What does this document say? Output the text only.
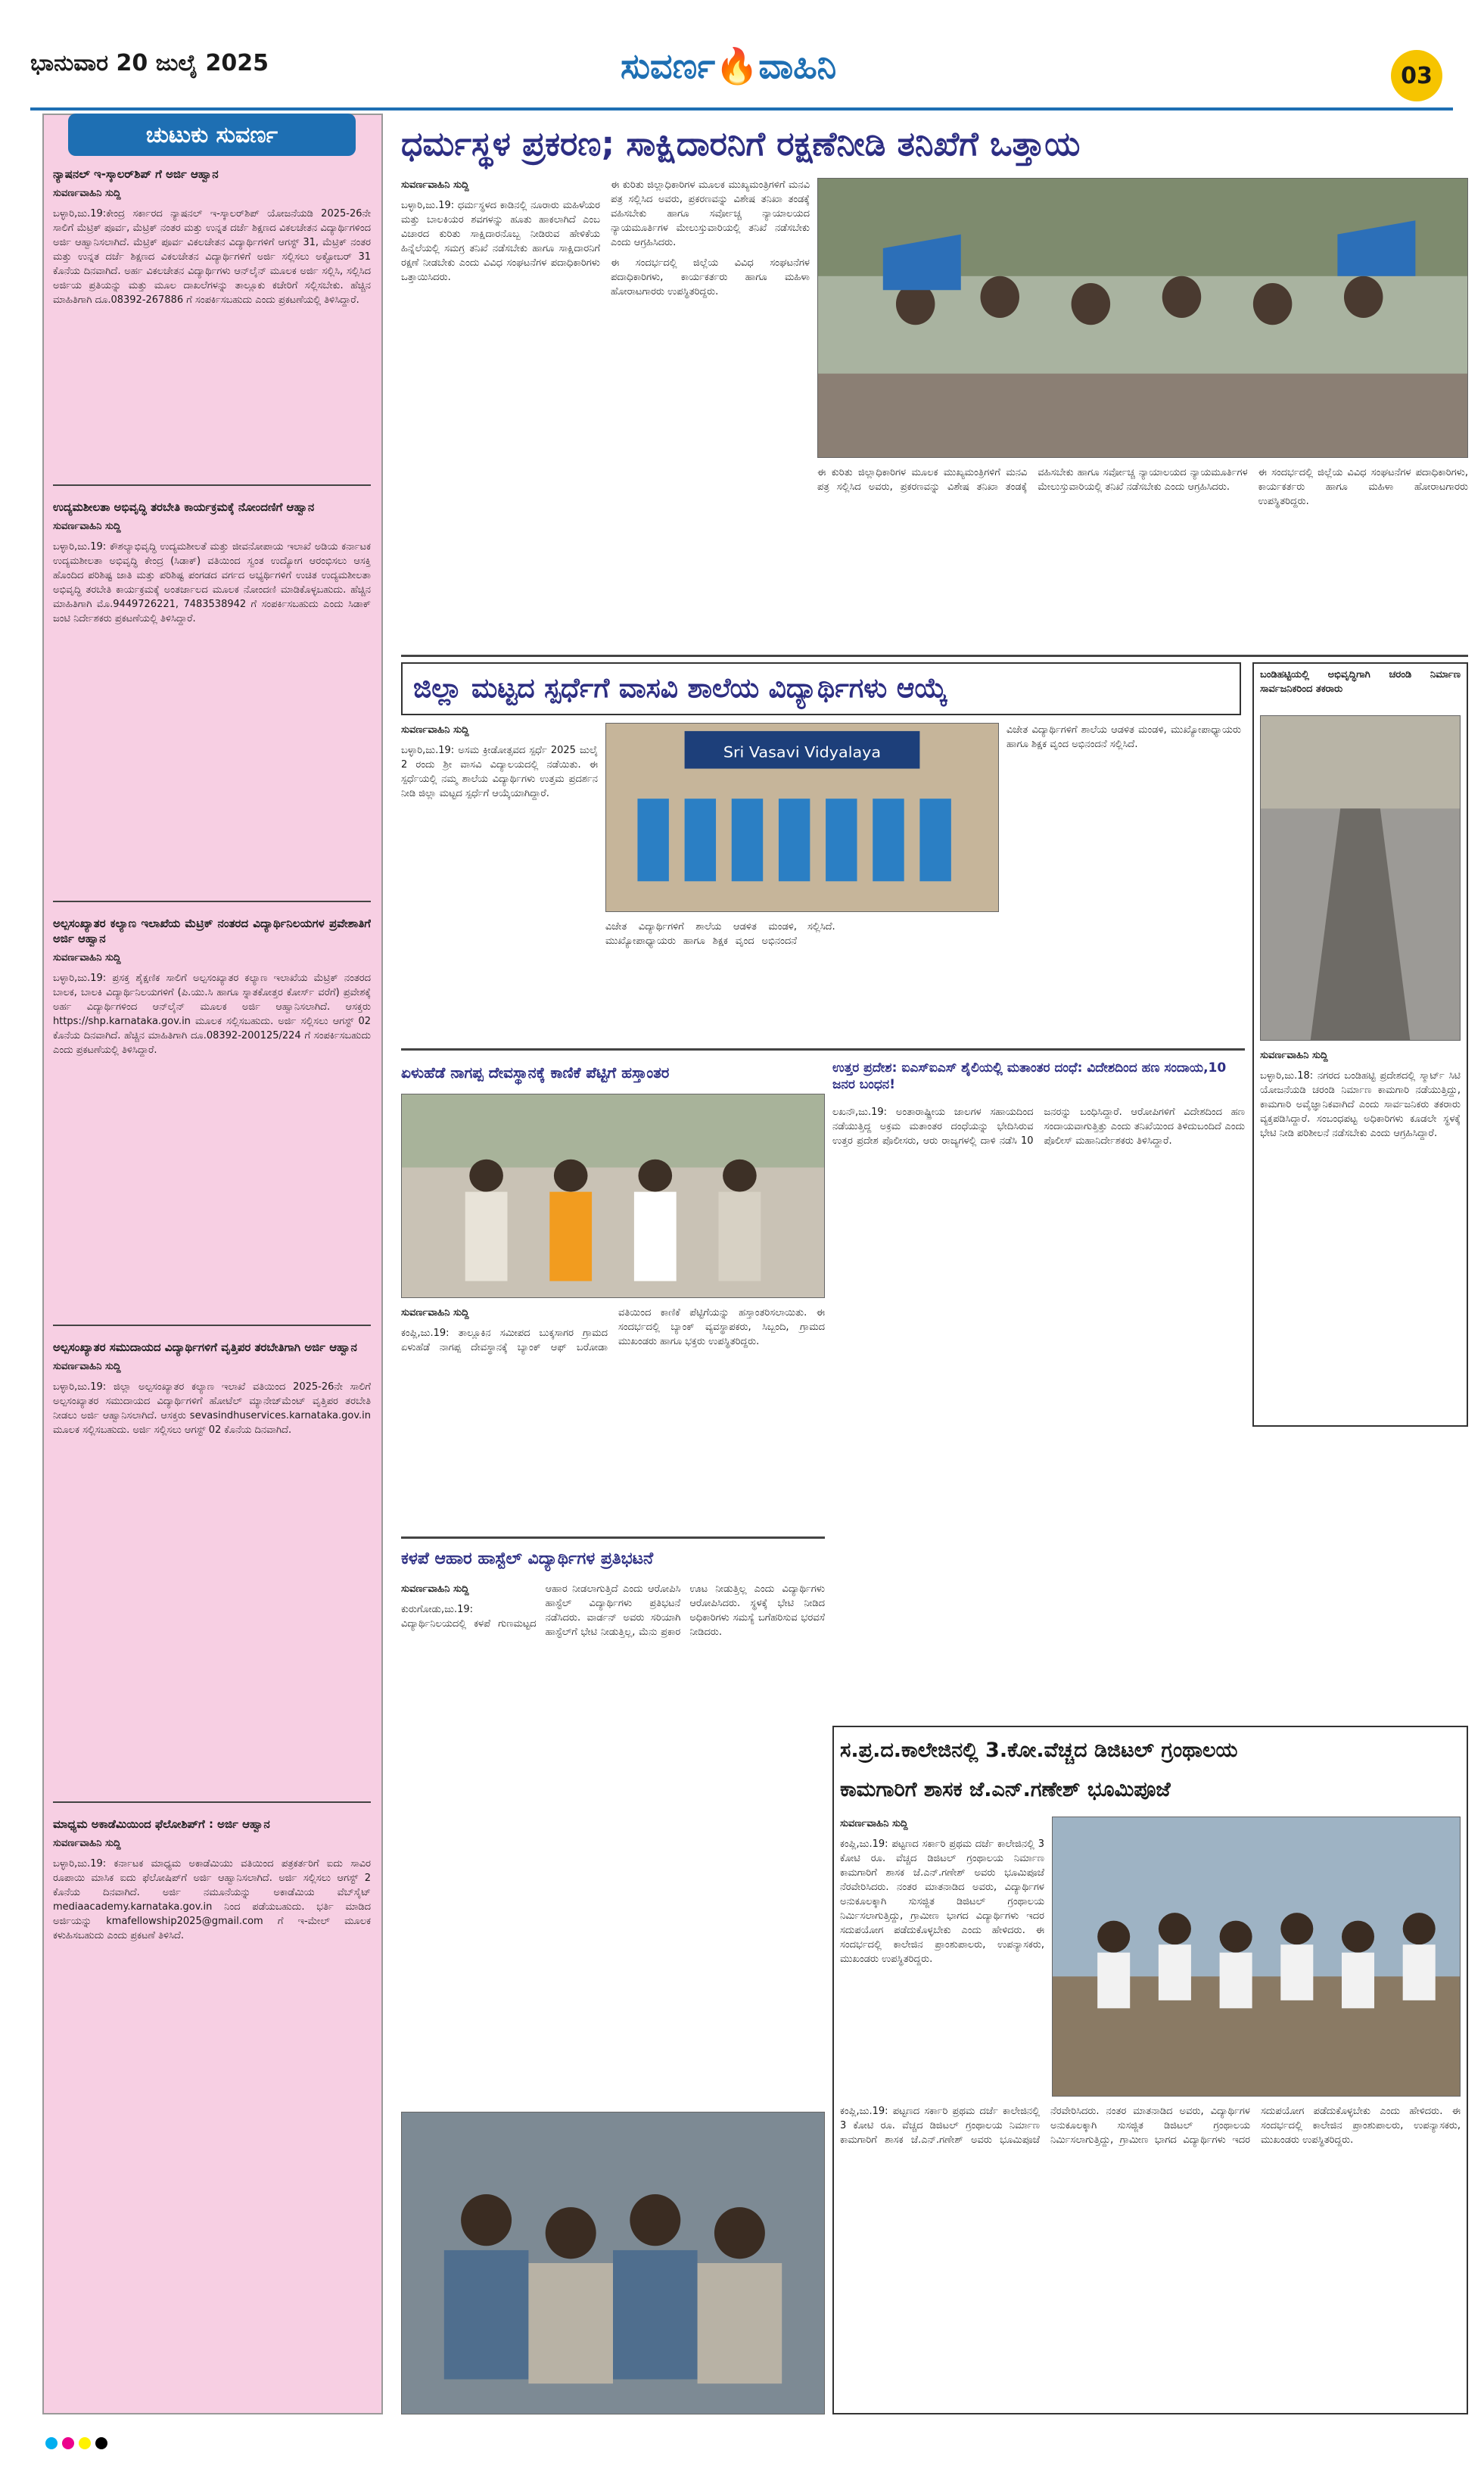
ಭಾನುವಾರ 20 ಜುಲೈ 2025	ಸುವರ್ಣ🔥ವಾಹಿನಿ	03
ಚುಟುಕು ಸುವರ್ಣ
ನ್ಯಾಷನಲ್ ಇ-ಸ್ಕಾಲರ್‌ಶಿಪ್ ಗೆ ಅರ್ಜಿ ಆಹ್ವಾನ

ಸುವರ್ಣವಾಹಿನಿ ಸುದ್ದಿ

ಬಳ್ಳಾರಿ,ಜು.19:ಕೇಂದ್ರ ಸರ್ಕಾರದ ನ್ಯಾಷನಲ್ ಇ-ಸ್ಕಾಲರ್‌ಶಿಪ್ ಯೋಜನೆಯಡಿ 2025-26ನೇ ಸಾಲಿಗೆ ಮೆಟ್ರಿಕ್ ಪೂರ್ವ, ಮೆಟ್ರಿಕ್ ನಂತರ ಮತ್ತು ಉನ್ನತ ದರ್ಜೆ ಶಿಕ್ಷಣದ ವಿಕಲಚೇತನ ವಿದ್ಯಾರ್ಥಿಗಳಿಂದ ಅರ್ಜಿ ಆಹ್ವಾನಿಸಲಾಗಿದೆ. ಮೆಟ್ರಿಕ್ ಪೂರ್ವ ವಿಕಲಚೇತನ ವಿದ್ಯಾರ್ಥಿಗಳಿಗೆ ಆಗಸ್ಟ್ 31, ಮೆಟ್ರಿಕ್ ನಂತರ ಮತ್ತು ಉನ್ನತ ದರ್ಜೆ ಶಿಕ್ಷಣದ ವಿಕಲಚೇತನ ವಿದ್ಯಾರ್ಥಿಗಳಿಗೆ ಅರ್ಜಿ ಸಲ್ಲಿಸಲು ಅಕ್ಟೋಬರ್ 31 ಕೊನೆಯ ದಿನವಾಗಿದೆ. ಅರ್ಹ ವಿಕಲಚೇತನ ವಿದ್ಯಾರ್ಥಿಗಳು ಆನ್‌ಲೈನ್ ಮೂಲಕ ಅರ್ಜಿ ಸಲ್ಲಿಸಿ, ಸಲ್ಲಿಸಿದ ಅರ್ಜಿಯ ಪ್ರತಿಯನ್ನು ಮತ್ತು ಮೂಲ ದಾಖಲೆಗಳನ್ನು ತಾಲ್ಲೂಕು ಕಚೇರಿಗೆ ಸಲ್ಲಿಸಬೇಕು. ಹೆಚ್ಚಿನ ಮಾಹಿತಿಗಾಗಿ ದೂ.08392-267886 ಗೆ ಸಂಪರ್ಕಿಸಬಹುದು ಎಂದು ಪ್ರಕಟಣೆಯಲ್ಲಿ ತಿಳಿಸಿದ್ದಾರೆ.

ಉದ್ಯಮಶೀಲತಾ ಅಭಿವೃದ್ಧಿ ತರಬೇತಿ ಕಾರ್ಯಕ್ರಮಕ್ಕೆ ನೋಂದಣಿಗೆ ಆಹ್ವಾನ

ಸುವರ್ಣವಾಹಿನಿ ಸುದ್ದಿ

ಬಳ್ಳಾರಿ,ಜು.19: ಕೌಶಲ್ಯಾಭಿವೃದ್ಧಿ ಉದ್ಯಮಶೀಲತೆ ಮತ್ತು ಜೀವನೋಪಾಯ ಇಲಾಖೆ ಅಡಿಯ ಕರ್ನಾಟಕ ಉದ್ಯಮಶೀಲತಾ ಅಭಿವೃದ್ಧಿ ಕೇಂದ್ರ (ಸಿಡಾಕ್) ವತಿಯಿಂದ ಸ್ವಂತ ಉದ್ಯೋಗ ಆರಂಭಿಸಲು ಆಸಕ್ತಿ ಹೊಂದಿದ ಪರಿಶಿಷ್ಟ ಜಾತಿ ಮತ್ತು ಪರಿಶಿಷ್ಟ ಪಂಗಡದ ವರ್ಗದ ಅಭ್ಯರ್ಥಿಗಳಿಗೆ ಉಚಿತ ಉದ್ಯಮಶೀಲತಾ ಅಭಿವೃದ್ಧಿ ತರಬೇತಿ ಕಾರ್ಯಕ್ರಮಕ್ಕೆ ಅಂತರ್ಜಾಲದ ಮೂಲಕ ನೋಂದಣಿ ಮಾಡಿಕೊಳ್ಳಬಹುದು. ಹೆಚ್ಚಿನ ಮಾಹಿತಿಗಾಗಿ ಮೊ.9449726221, 7483538942 ಗೆ ಸಂಪರ್ಕಿಸಬಹುದು ಎಂದು ಸಿಡಾಕ್ ಜಂಟಿ ನಿರ್ದೇಶಕರು ಪ್ರಕಟಣೆಯಲ್ಲಿ ತಿಳಿಸಿದ್ದಾರೆ.

ಅಲ್ಪಸಂಖ್ಯಾತರ ಕಲ್ಯಾಣ ಇಲಾಖೆಯ ಮೆಟ್ರಿಕ್ ನಂತರದ ವಿದ್ಯಾರ್ಥಿನಿಲಯಗಳ ಪ್ರವೇಶಾತಿಗೆ ಅರ್ಜಿ ಆಹ್ವಾನ

ಸುವರ್ಣವಾಹಿನಿ ಸುದ್ದಿ

ಬಳ್ಳಾರಿ,ಜು.19: ಪ್ರಸಕ್ತ ಶೈಕ್ಷಣಿಕ ಸಾಲಿಗೆ ಅಲ್ಪಸಂಖ್ಯಾತರ ಕಲ್ಯಾಣ ಇಲಾಖೆಯ ಮೆಟ್ರಿಕ್ ನಂತರದ ಬಾಲಕ, ಬಾಲಕಿ ವಿದ್ಯಾರ್ಥಿನಿಲಯಗಳಿಗೆ (ಪಿ.ಯು.ಸಿ ಹಾಗೂ ಸ್ನಾತಕೋತ್ತರ ಕೋರ್ಸ್ ವರೆಗೆ) ಪ್ರವೇಶಕ್ಕೆ ಅರ್ಹ ವಿದ್ಯಾರ್ಥಿಗಳಿಂದ ಆನ್‌ಲೈನ್ ಮೂಲಕ ಅರ್ಜಿ ಆಹ್ವಾನಿಸಲಾಗಿದೆ. ಆಸಕ್ತರು https://shp.karnataka.gov.in ಮೂಲಕ ಸಲ್ಲಿಸಬಹುದು. ಅರ್ಜಿ ಸಲ್ಲಿಸಲು ಆಗಸ್ಟ್ 02 ಕೊನೆಯ ದಿನವಾಗಿದೆ. ಹೆಚ್ಚಿನ ಮಾಹಿತಿಗಾಗಿ ದೂ.08392-200125/224 ಗೆ ಸಂಪರ್ಕಿಸಬಹುದು ಎಂದು ಪ್ರಕಟಣೆಯಲ್ಲಿ ತಿಳಿಸಿದ್ದಾರೆ.

ಅಲ್ಪಸಂಖ್ಯಾತರ ಸಮುದಾಯದ ವಿದ್ಯಾರ್ಥಿಗಳಿಗೆ ವೃತ್ತಿಪರ ತರಬೇತಿಗಾಗಿ ಅರ್ಜಿ ಆಹ್ವಾನ

ಸುವರ್ಣವಾಹಿನಿ ಸುದ್ದಿ

ಬಳ್ಳಾರಿ,ಜು.19: ಜಿಲ್ಲಾ ಅಲ್ಪಸಂಖ್ಯಾತರ ಕಲ್ಯಾಣ ಇಲಾಖೆ ವತಿಯಿಂದ 2025-26ನೇ ಸಾಲಿಗೆ ಅಲ್ಪಸಂಖ್ಯಾತರ ಸಮುದಾಯದ ವಿದ್ಯಾರ್ಥಿಗಳಿಗೆ ಹೋಟೆಲ್ ಮ್ಯಾನೇಜ್‌ಮೆಂಟ್ ವೃತ್ತಿಪರ ತರಬೇತಿ ನೀಡಲು ಅರ್ಜಿ ಆಹ್ವಾನಿಸಲಾಗಿದೆ. ಆಸಕ್ತರು sevasindhuservices.karnataka.gov.in ಮೂಲಕ ಸಲ್ಲಿಸಬಹುದು. ಅರ್ಜಿ ಸಲ್ಲಿಸಲು ಆಗಸ್ಟ್ 02 ಕೊನೆಯ ದಿನವಾಗಿದೆ.

ಮಾಧ್ಯಮ ಅಕಾಡೆಮಿಯಿಂದ ಫೆಲೋಶಿಪ್‌ಗೆ : ಅರ್ಜಿ ಆಹ್ವಾನ

ಸುವರ್ಣವಾಹಿನಿ ಸುದ್ದಿ

ಬಳ್ಳಾರಿ,ಜು.19: ಕರ್ನಾಟಕ ಮಾಧ್ಯಮ ಅಕಾಡೆಮಿಯು ವತಿಯಿಂದ ಪತ್ರಕರ್ತರಿಗೆ ಐದು ಸಾವಿರ ರೂಪಾಯಿ ಮಾಸಿಕ ಐದು ಫೆಲೋಷಿಪ್‌ಗೆ ಅರ್ಜಿ ಆಹ್ವಾನಿಸಲಾಗಿದೆ. ಅರ್ಜಿ ಸಲ್ಲಿಸಲು ಆಗಸ್ಟ್ 2 ಕೊನೆಯ ದಿನವಾಗಿದೆ. ಅರ್ಜಿ ನಮೂನೆಯನ್ನು ಅಕಾಡೆಮಿಯ ವೆಬ್‌ಸೈಟ್ mediaacademy.karnataka.gov.in ನಿಂದ ಪಡೆಯಬಹುದು. ಭರ್ತಿ ಮಾಡಿದ ಅರ್ಜಿಯನ್ನು kmafellowship2025@gmail.com ಗೆ ಇ-ಮೇಲ್ ಮೂಲಕ ಕಳುಹಿಸಬಹುದು ಎಂದು ಪ್ರಕಟಣೆ ತಿಳಿಸಿದೆ.

ಧರ್ಮಸ್ಥಳ ಪ್ರಕರಣ; ಸಾಕ್ಷಿದಾರನಿಗೆ ರಕ್ಷಣೆನೀಡಿ ತನಿಖೆಗೆ ಒತ್ತಾಯ

ಸುವರ್ಣವಾಹಿನಿ ಸುದ್ದಿ

ಬಳ್ಳಾರಿ,ಜು.19: ಧರ್ಮಸ್ಥಳದ ಕಾಡಿನಲ್ಲಿ ನೂರಾರು ಮಹಿಳೆಯರ ಮತ್ತು ಬಾಲಕಿಯರ ಶವಗಳನ್ನು ಹೂತು ಹಾಕಲಾಗಿದೆ ಎಂಬ ವಿಚಾರದ ಕುರಿತು ಸಾಕ್ಷಿದಾರನೊಬ್ಬ ನೀಡಿರುವ ಹೇಳಿಕೆಯ ಹಿನ್ನೆಲೆಯಲ್ಲಿ ಸಮಗ್ರ ತನಿಖೆ ನಡೆಸಬೇಕು ಹಾಗೂ ಸಾಕ್ಷಿದಾರನಿಗೆ ರಕ್ಷಣೆ ನೀಡಬೇಕು ಎಂದು ವಿವಿಧ ಸಂಘಟನೆಗಳ ಪದಾಧಿಕಾರಿಗಳು ಒತ್ತಾಯಿಸಿದರು.

ಈ ಕುರಿತು ಜಿಲ್ಲಾಧಿಕಾರಿಗಳ ಮೂಲಕ ಮುಖ್ಯಮಂತ್ರಿಗಳಿಗೆ ಮನವಿ ಪತ್ರ ಸಲ್ಲಿಸಿದ ಅವರು, ಪ್ರಕರಣವನ್ನು ವಿಶೇಷ ತನಿಖಾ ತಂಡಕ್ಕೆ ವಹಿಸಬೇಕು ಹಾಗೂ ಸರ್ವೋಚ್ಚ ನ್ಯಾಯಾಲಯದ ನ್ಯಾಯಮೂರ್ತಿಗಳ ಮೇಲುಸ್ತುವಾರಿಯಲ್ಲಿ ತನಿಖೆ ನಡೆಸಬೇಕು ಎಂದು ಆಗ್ರಹಿಸಿದರು.

ಈ ಸಂದರ್ಭದಲ್ಲಿ ಜಿಲ್ಲೆಯ ವಿವಿಧ ಸಂಘಟನೆಗಳ ಪದಾಧಿಕಾರಿಗಳು, ಕಾರ್ಯಕರ್ತರು ಹಾಗೂ ಮಹಿಳಾ ಹೋರಾಟಗಾರರು ಉಪಸ್ಥಿತರಿದ್ದರು.

ಈ ಕುರಿತು ಜಿಲ್ಲಾಧಿಕಾರಿಗಳ ಮೂಲಕ ಮುಖ್ಯಮಂತ್ರಿಗಳಿಗೆ ಮನವಿ ಪತ್ರ ಸಲ್ಲಿಸಿದ ಅವರು, ಪ್ರಕರಣವನ್ನು ವಿಶೇಷ ತನಿಖಾ ತಂಡಕ್ಕೆ ವಹಿಸಬೇಕು ಹಾಗೂ ಸರ್ವೋಚ್ಚ ನ್ಯಾಯಾಲಯದ ನ್ಯಾಯಮೂರ್ತಿಗಳ ಮೇಲುಸ್ತುವಾರಿಯಲ್ಲಿ ತನಿಖೆ ನಡೆಸಬೇಕು ಎಂದು ಆಗ್ರಹಿಸಿದರು.

ಈ ಸಂದರ್ಭದಲ್ಲಿ ಜಿಲ್ಲೆಯ ವಿವಿಧ ಸಂಘಟನೆಗಳ ಪದಾಧಿಕಾರಿಗಳು, ಕಾರ್ಯಕರ್ತರು ಹಾಗೂ ಮಹಿಳಾ ಹೋರಾಟಗಾರರು ಉಪಸ್ಥಿತರಿದ್ದರು.

ಜಿಲ್ಲಾ ಮಟ್ಟದ ಸ್ಪರ್ಧೆಗೆ ವಾಸವಿ ಶಾಲೆಯ ವಿದ್ಯಾರ್ಥಿಗಳು ಆಯ್ಕೆ

ಸುವರ್ಣವಾಹಿನಿ ಸುದ್ದಿ

ಬಳ್ಳಾರಿ,ಜು.19: ಅಸಮ ಕ್ರೀಡೋತ್ಸವದ ಸ್ಪರ್ಧೆ 2025 ಜುಲೈ 2 ರಂದು ಶ್ರೀ ವಾಸವಿ ವಿದ್ಯಾಲಯದಲ್ಲಿ ನಡೆಯಿತು. ಈ ಸ್ಪರ್ಧೆಯಲ್ಲಿ ನಮ್ಮ ಶಾಲೆಯ ವಿದ್ಯಾರ್ಥಿಗಳು ಉತ್ತಮ ಪ್ರದರ್ಶನ ನೀಡಿ ಜಿಲ್ಲಾ ಮಟ್ಟದ ಸ್ಪರ್ಧೆಗೆ ಆಯ್ಕೆಯಾಗಿದ್ದಾರೆ.

Sri Vasavi Vidyalaya

ವಿಜೇತ ವಿದ್ಯಾರ್ಥಿಗಳಿಗೆ ಶಾಲೆಯ ಆಡಳಿತ ಮಂಡಳಿ, ಮುಖ್ಯೋಪಾಧ್ಯಾಯರು ಹಾಗೂ ಶಿಕ್ಷಕ ವೃಂದ ಅಭಿನಂದನೆ ಸಲ್ಲಿಸಿದೆ.

ವಿಜೇತ ವಿದ್ಯಾರ್ಥಿಗಳಿಗೆ ಶಾಲೆಯ ಆಡಳಿತ ಮಂಡಳಿ, ಮುಖ್ಯೋಪಾಧ್ಯಾಯರು ಹಾಗೂ ಶಿಕ್ಷಕ ವೃಂದ ಅಭಿನಂದನೆ ಸಲ್ಲಿಸಿದೆ.

ಬಂಡಿಹಟ್ಟಿಯಲ್ಲಿ ಅಭಿವೃದ್ಧಿಗಾಗಿ ಚರಂಡಿ ನಿರ್ಮಾಣ ಸಾರ್ವಜನಿಕರಿಂದ ತಕರಾರು

ಸುವರ್ಣವಾಹಿನಿ ಸುದ್ದಿ

ಬಳ್ಳಾರಿ,ಜು.18: ನಗರದ ಬಂಡಿಹಟ್ಟಿ ಪ್ರದೇಶದಲ್ಲಿ ಸ್ಮಾರ್ಟ್ ಸಿಟಿ ಯೋಜನೆಯಡಿ ಚರಂಡಿ ನಿರ್ಮಾಣ ಕಾಮಗಾರಿ ನಡೆಯುತ್ತಿದ್ದು, ಕಾಮಗಾರಿ ಅವೈಜ್ಞಾನಿಕವಾಗಿದೆ ಎಂದು ಸಾರ್ವಜನಿಕರು ತಕರಾರು ವ್ಯಕ್ತಪಡಿಸಿದ್ದಾರೆ. ಸಂಬಂಧಪಟ್ಟ ಅಧಿಕಾರಿಗಳು ಕೂಡಲೇ ಸ್ಥಳಕ್ಕೆ ಭೇಟಿ ನೀಡಿ ಪರಿಶೀಲನೆ ನಡೆಸಬೇಕು ಎಂದು ಆಗ್ರಹಿಸಿದ್ದಾರೆ.

ಏಳುಹೆಡೆ ನಾಗಪ್ಪ ದೇವಸ್ಥಾನಕ್ಕೆ ಕಾಣಿಕೆ ಪೆಟ್ಟಿಗೆ ಹಸ್ತಾಂತರ

ಸುವರ್ಣವಾಹಿನಿ ಸುದ್ದಿ

ಕಂಪ್ಲಿ,ಜು.19: ತಾಲ್ಲೂಕಿನ ಸಮೀಪದ ಬುಕ್ಕಸಾಗರ ಗ್ರಾಮದ ಏಳುಹೆಡೆ ನಾಗಪ್ಪ ದೇವಸ್ಥಾನಕ್ಕೆ ಬ್ಯಾಂಕ್ ಆಫ್ ಬರೋಡಾ ವತಿಯಿಂದ ಕಾಣಿಕೆ ಪೆಟ್ಟಿಗೆಯನ್ನು ಹಸ್ತಾಂತರಿಸಲಾಯಿತು. ಈ ಸಂದರ್ಭದಲ್ಲಿ ಬ್ಯಾಂಕ್ ವ್ಯವಸ್ಥಾಪಕರು, ಸಿಬ್ಬಂದಿ, ಗ್ರಾಮದ ಮುಖಂಡರು ಹಾಗೂ ಭಕ್ತರು ಉಪಸ್ಥಿತರಿದ್ದರು.

ಉತ್ತರ ಪ್ರದೇಶ: ಐಎಸ್‌ಐಎಸ್ ಶೈಲಿಯಲ್ಲಿ ಮತಾಂತರ ದಂಧೆ: ವಿದೇಶದಿಂದ ಹಣ ಸಂದಾಯ,10 ಜನರ ಬಂಧನ!

ಲಖನೌ,ಜು.19: ಅಂತಾರಾಷ್ಟ್ರೀಯ ಜಾಲಗಳ ಸಹಾಯದಿಂದ ನಡೆಯುತ್ತಿದ್ದ ಅಕ್ರಮ ಮತಾಂತರ ದಂಧೆಯನ್ನು ಭೇದಿಸಿರುವ ಉತ್ತರ ಪ್ರದೇಶ ಪೊಲೀಸರು, ಆರು ರಾಜ್ಯಗಳಲ್ಲಿ ದಾಳಿ ನಡೆಸಿ 10 ಜನರನ್ನು ಬಂಧಿಸಿದ್ದಾರೆ. ಆರೋಪಿಗಳಿಗೆ ವಿದೇಶದಿಂದ ಹಣ ಸಂದಾಯವಾಗುತ್ತಿತ್ತು ಎಂದು ತನಿಖೆಯಿಂದ ತಿಳಿದುಬಂದಿದೆ ಎಂದು ಪೊಲೀಸ್ ಮಹಾನಿರ್ದೇಶಕರು ತಿಳಿಸಿದ್ದಾರೆ.

ಕಳಪೆ ಆಹಾರ ಹಾಸ್ಟೆಲ್ ವಿದ್ಯಾರ್ಥಿಗಳ ಪ್ರತಿಭಟನೆ

ಸುವರ್ಣವಾಹಿನಿ ಸುದ್ದಿ

ಕುರುಗೋಡು,ಜು.19: ವಿದ್ಯಾರ್ಥಿನಿಲಯದಲ್ಲಿ ಕಳಪೆ ಗುಣಮಟ್ಟದ ಆಹಾರ ನೀಡಲಾಗುತ್ತಿದೆ ಎಂದು ಆರೋಪಿಸಿ ಹಾಸ್ಟೆಲ್ ವಿದ್ಯಾರ್ಥಿಗಳು ಪ್ರತಿಭಟನೆ ನಡೆಸಿದರು. ವಾರ್ಡನ್ ಅವರು ಸರಿಯಾಗಿ ಹಾಸ್ಟೆಲ್‌ಗೆ ಭೇಟಿ ನೀಡುತ್ತಿಲ್ಲ, ಮೆನು ಪ್ರಕಾರ ಊಟ ನೀಡುತ್ತಿಲ್ಲ ಎಂದು ವಿದ್ಯಾರ್ಥಿಗಳು ಆರೋಪಿಸಿದರು. ಸ್ಥಳಕ್ಕೆ ಭೇಟಿ ನೀಡಿದ ಅಧಿಕಾರಿಗಳು ಸಮಸ್ಯೆ ಬಗೆಹರಿಸುವ ಭರವಸೆ ನೀಡಿದರು.

ಸ.ಪ್ರ.ದ.ಕಾಲೇಜಿನಲ್ಲಿ 3.ಕೋ.ವೆಚ್ಚದ ಡಿಜಿಟಲ್ ಗ್ರಂಥಾಲಯ
ಕಾಮಗಾರಿಗೆ ಶಾಸಕ ಜೆ.ಎನ್.ಗಣೇಶ್ ಭೂಮಿಪೂಜೆ

ಸುವರ್ಣವಾಹಿನಿ ಸುದ್ದಿ

ಕಂಪ್ಲಿ,ಜು.19: ಪಟ್ಟಣದ ಸರ್ಕಾರಿ ಪ್ರಥಮ ದರ್ಜೆ ಕಾಲೇಜಿನಲ್ಲಿ 3 ಕೋಟಿ ರೂ. ವೆಚ್ಚದ ಡಿಜಿಟಲ್ ಗ್ರಂಥಾಲಯ ನಿರ್ಮಾಣ ಕಾಮಗಾರಿಗೆ ಶಾಸಕ ಜೆ.ಎನ್.ಗಣೇಶ್ ಅವರು ಭೂಮಿಪೂಜೆ ನೆರವೇರಿಸಿದರು. ನಂತರ ಮಾತನಾಡಿದ ಅವರು, ವಿದ್ಯಾರ್ಥಿಗಳ ಅನುಕೂಲಕ್ಕಾಗಿ ಸುಸಜ್ಜಿತ ಡಿಜಿಟಲ್ ಗ್ರಂಥಾಲಯ ನಿರ್ಮಿಸಲಾಗುತ್ತಿದ್ದು, ಗ್ರಾಮೀಣ ಭಾಗದ ವಿದ್ಯಾರ್ಥಿಗಳು ಇದರ ಸದುಪಯೋಗ ಪಡೆದುಕೊಳ್ಳಬೇಕು ಎಂದು ಹೇಳಿದರು. ಈ ಸಂದರ್ಭದಲ್ಲಿ ಕಾಲೇಜಿನ ಪ್ರಾಂಶುಪಾಲರು, ಉಪನ್ಯಾಸಕರು, ಮುಖಂಡರು ಉಪಸ್ಥಿತರಿದ್ದರು.

ಕಂಪ್ಲಿ,ಜು.19: ಪಟ್ಟಣದ ಸರ್ಕಾರಿ ಪ್ರಥಮ ದರ್ಜೆ ಕಾಲೇಜಿನಲ್ಲಿ 3 ಕೋಟಿ ರೂ. ವೆಚ್ಚದ ಡಿಜಿಟಲ್ ಗ್ರಂಥಾಲಯ ನಿರ್ಮಾಣ ಕಾಮಗಾರಿಗೆ ಶಾಸಕ ಜೆ.ಎನ್.ಗಣೇಶ್ ಅವರು ಭೂಮಿಪೂಜೆ ನೆರವೇರಿಸಿದರು. ನಂತರ ಮಾತನಾಡಿದ ಅವರು, ವಿದ್ಯಾರ್ಥಿಗಳ ಅನುಕೂಲಕ್ಕಾಗಿ ಸುಸಜ್ಜಿತ ಡಿಜಿಟಲ್ ಗ್ರಂಥಾಲಯ ನಿರ್ಮಿಸಲಾಗುತ್ತಿದ್ದು, ಗ್ರಾಮೀಣ ಭಾಗದ ವಿದ್ಯಾರ್ಥಿಗಳು ಇದರ ಸದುಪಯೋಗ ಪಡೆದುಕೊಳ್ಳಬೇಕು ಎಂದು ಹೇಳಿದರು. ಈ ಸಂದರ್ಭದಲ್ಲಿ ಕಾಲೇಜಿನ ಪ್ರಾಂಶುಪಾಲರು, ಉಪನ್ಯಾಸಕರು, ಮುಖಂಡರು ಉಪಸ್ಥಿತರಿದ್ದರು.
